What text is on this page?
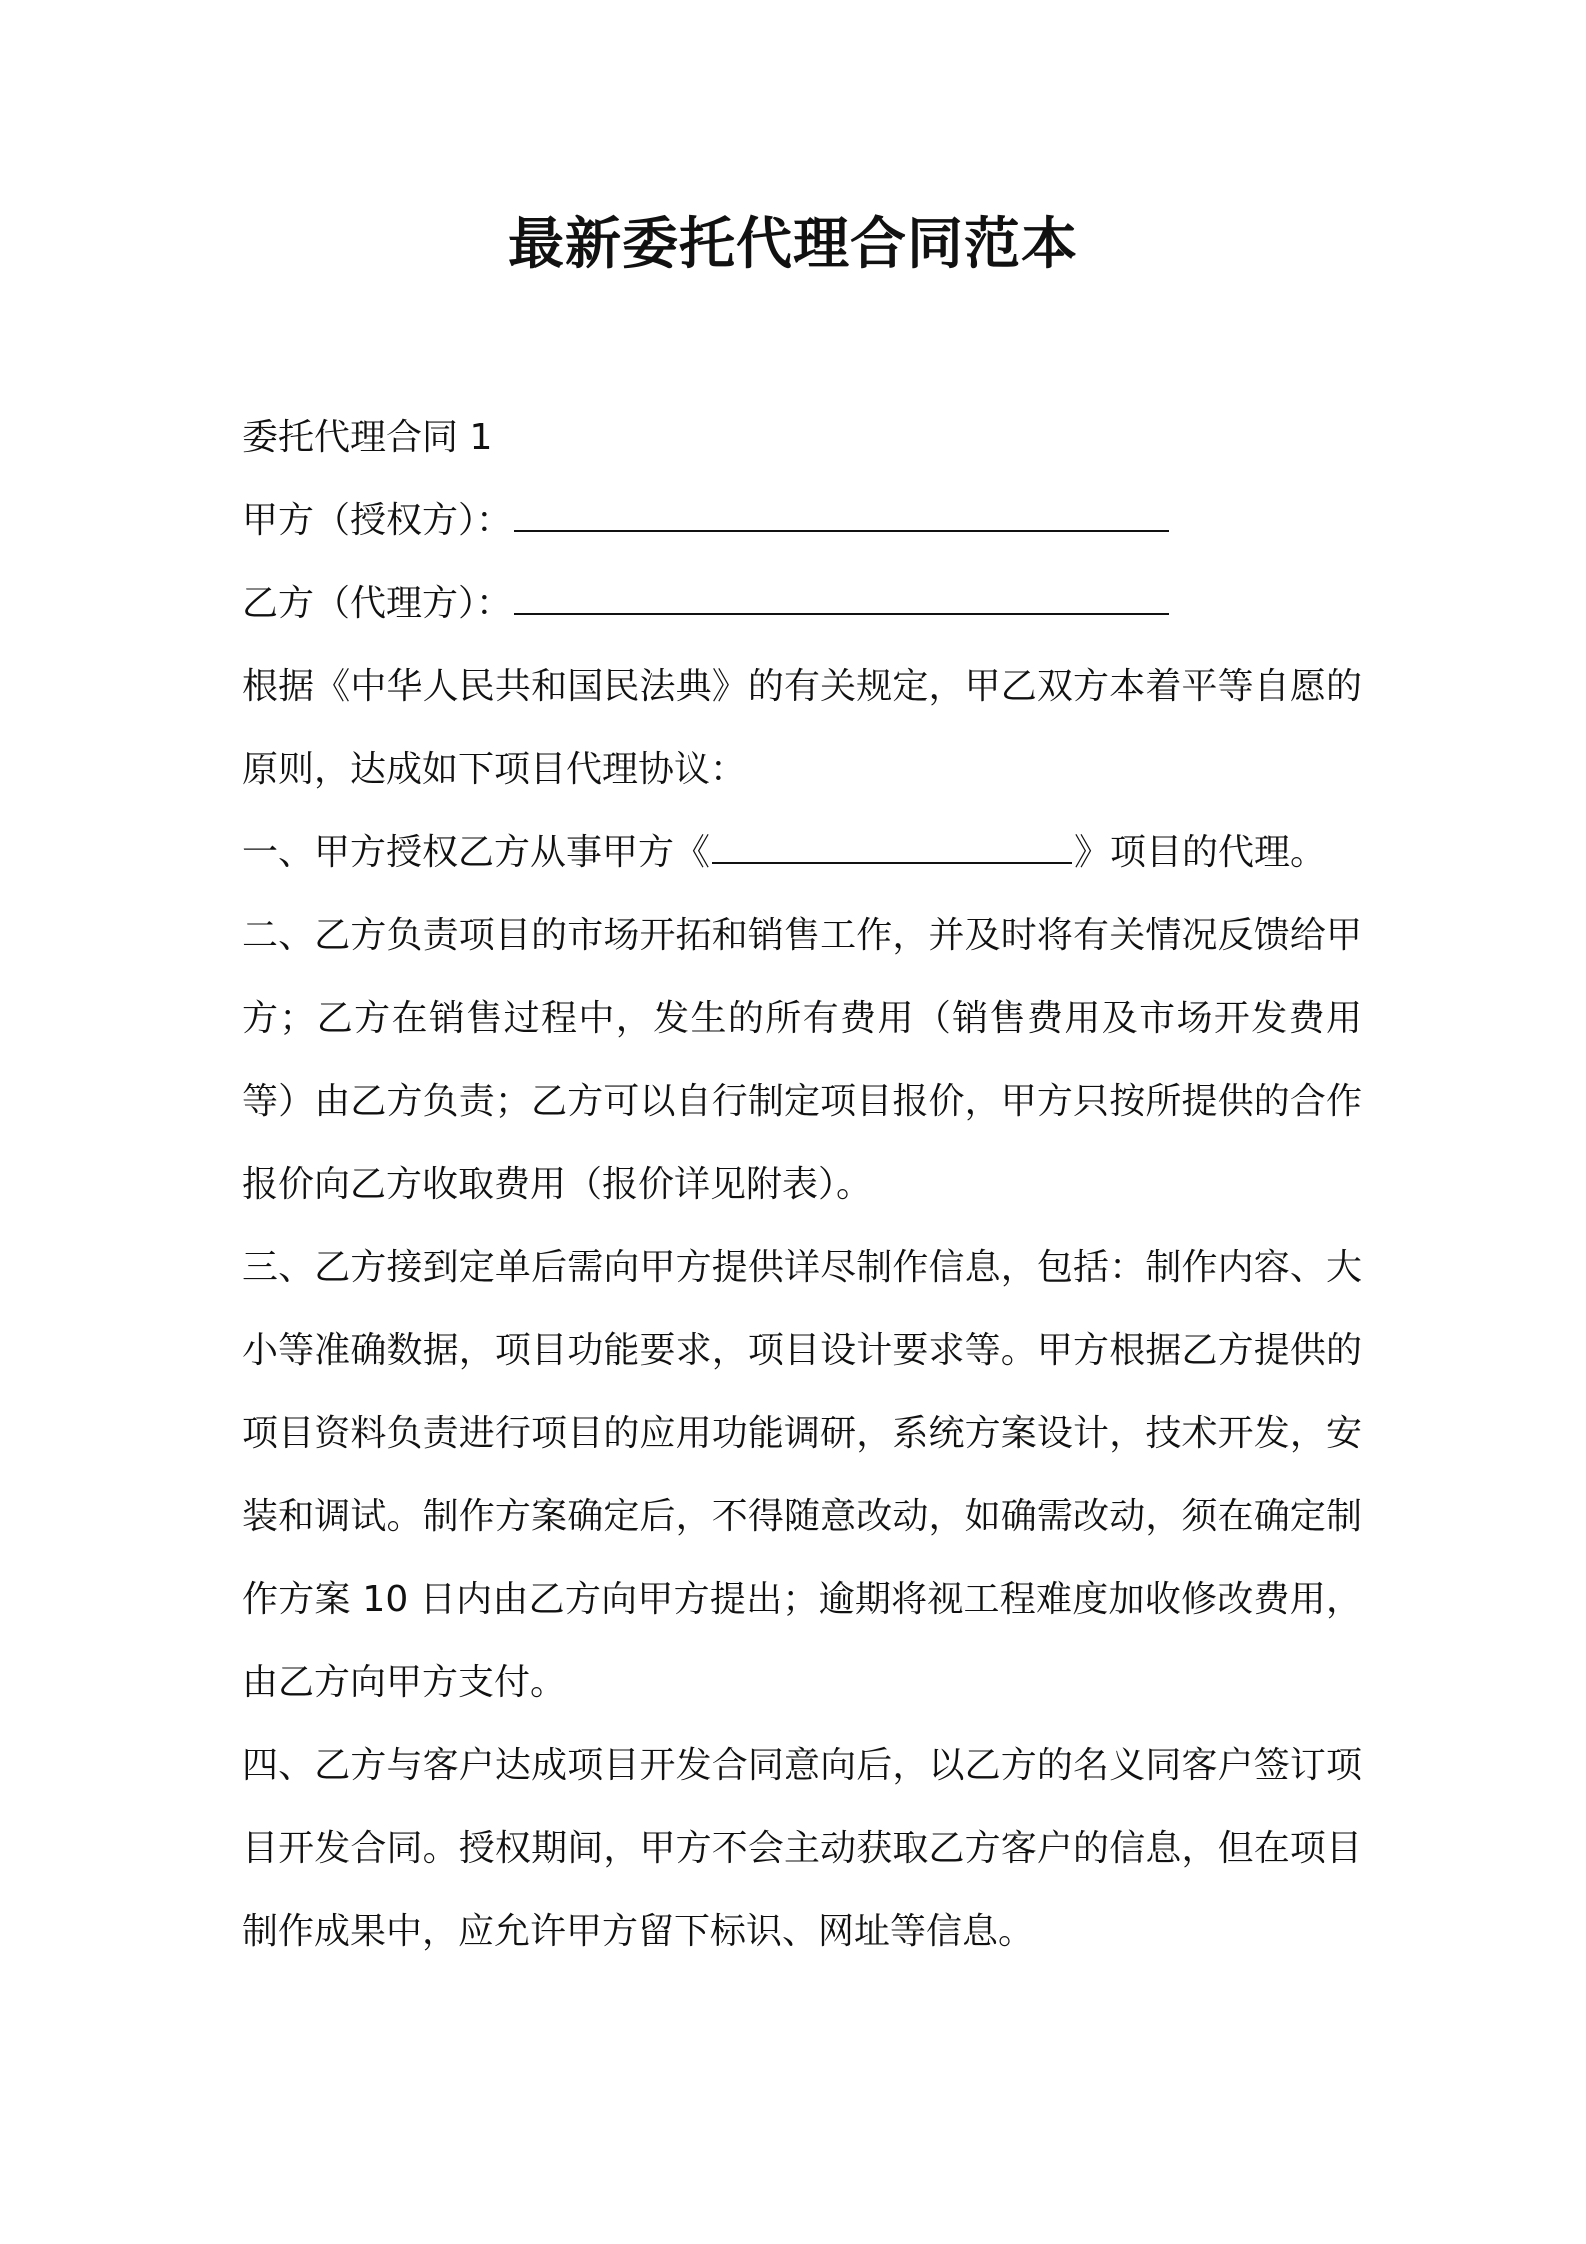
最新委托代理合同范本
委托代理合同 1
甲方（授权方）：
乙方（代理方）：
根据《中华人民共和国民法典》的有关规定，甲乙双方本着平等自愿的原则，达成如下项目代理协议：
一、甲方授权乙方从事甲方《	》项目的代理。
二、乙方负责项目的市场开拓和销售工作，并及时将有关情况反馈给甲方；乙方在销售过程中，发生的所有费用（销售费用及市场开发费用等）由乙方负责；乙方可以自行制定项目报价，甲方只按所提供的合作报价向乙方收取费用（报价详见附表）。
三、乙方接到定单后需向甲方提供详尽制作信息，包括：制作内容、大小等准确数据，项目功能要求，项目设计要求等。甲方根据乙方提供的项目资料负责进行项目的应用功能调研，系统方案设计，技术开发，安装和调试。制作方案确定后，不得随意改动，如确需改动，须在确定制作方案 10 日内由乙方向甲方提出；逾期将视工程难度加收修改费用，由乙方向甲方支付。
四、乙方与客户达成项目开发合同意向后，以乙方的名义同客户签订项目开发合同。授权期间，甲方不会主动获取乙方客户的信息，但在项目制作成果中，应允许甲方留下标识、网址等信息。
